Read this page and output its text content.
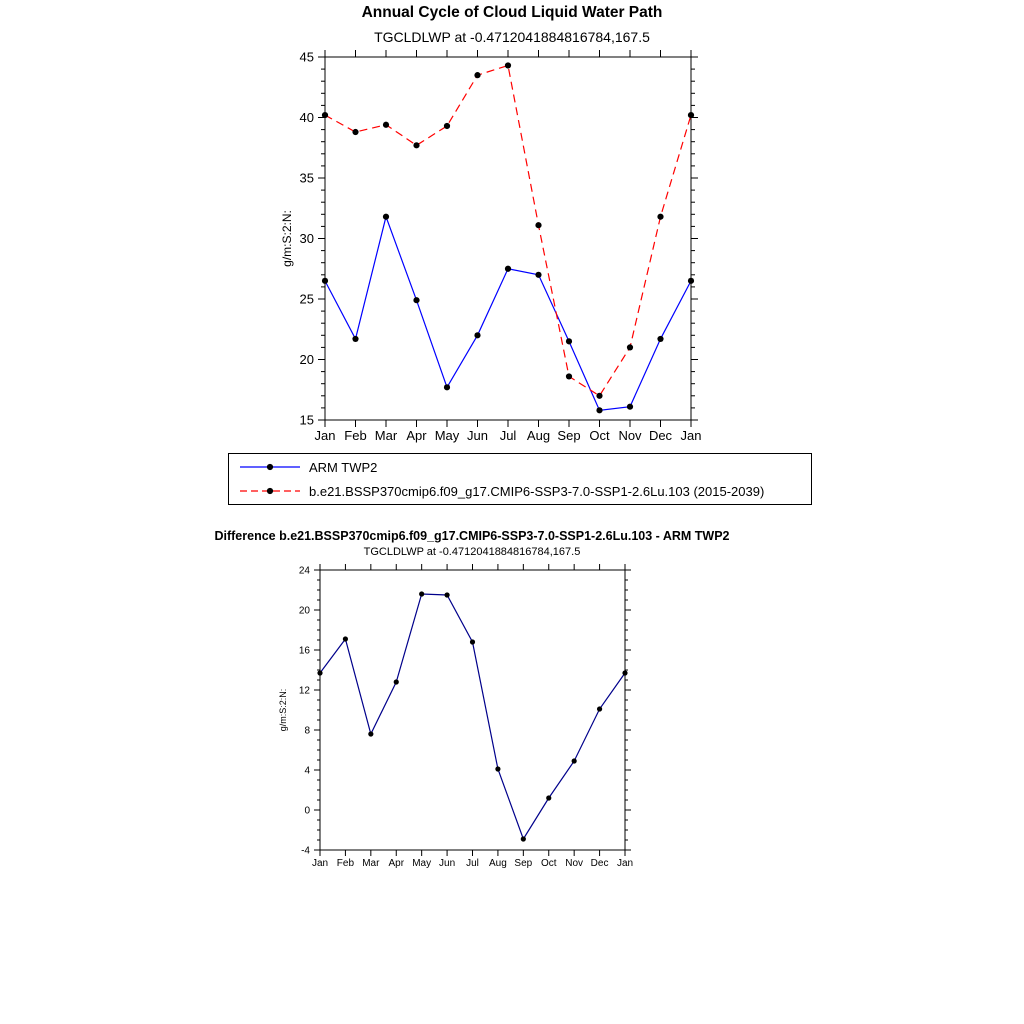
Annual Cycle of Cloud Liquid Water Path
TGCLDLWP at -0.4712041884816784,167.5
Jan Feb Mar Apr May Jun Jul Aug Sep Oct Nov Dec Jan
15
20
25
30
35
40
45
g/m:S:2:N:
ARM TWP2
b.e21.BSSP370cmip6.f09_g17.CMIP6-SSP3-7.0-SSP1-2.6Lu.103 (2015-2039)
Difference b.e21.BSSP370cmip6.f09_g17.CMIP6-SSP3-7.0-SSP1-2.6Lu.103 - ARM TWP2
TGCLDLWP at -0.4712041884816784,167.5
Jan Feb Mar Apr May Jun Jul Aug Sep Oct Nov Dec Jan
-4
0
4
8
12
16
20
24
g/m:S:2:N:
